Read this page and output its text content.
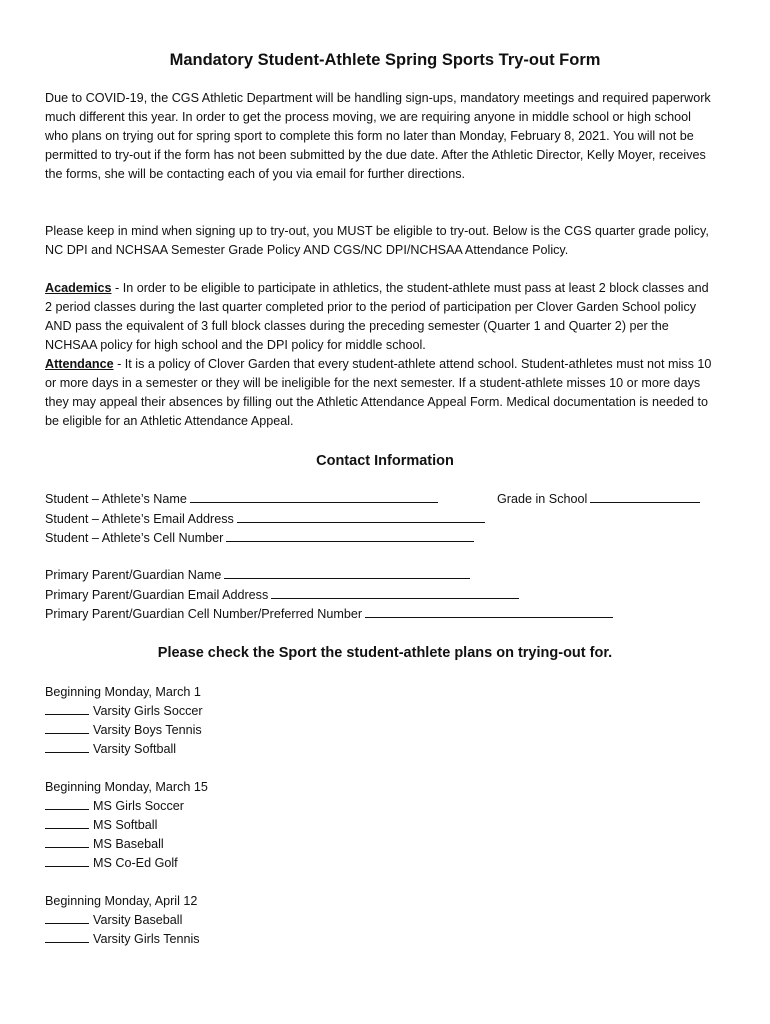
Mandatory Student-Athlete Spring Sports Try-out Form

Due to COVID-19, the CGS Athletic Department will be handling sign-ups, mandatory meetings and required paperwork much different this year. In order to get the process moving, we are requiring anyone in middle school or high school who plans on trying out for spring sport to complete this form no later than Monday, February 8, 2021. You will not be permitted to try-out if the form has not been submitted by the due date. After the Athletic Director, Kelly Moyer, receives the forms, she will be contacting each of you via email for further directions.

Please keep in mind when signing up to try-out, you MUST be eligible to try-out. Below is the CGS quarter grade policy, NC DPI and NCHSAA Semester Grade Policy AND CGS/NC DPI/NCHSAA Attendance Policy.

Academics - In order to be eligible to participate in athletics, the student-athlete must pass at least 2 block classes and 2 period classes during the last quarter completed prior to the period of participation per Clover Garden School policy AND pass the equivalent of 3 full block classes during the preceding semester (Quarter 1 and Quarter 2) per the NCHSAA policy for high school and the DPI policy for middle school.

Attendance - It is a policy of Clover Garden that every student-athlete attend school. Student-athletes must not miss 10 or more days in a semester or they will be ineligible for the next semester. If a student-athlete misses 10 or more days they may appeal their absences by filling out the Athletic Attendance Appeal Form. Medical documentation is needed to be eligible for an Athletic Attendance Appeal.

Contact Information
Student – Athlete’s Name	Grade in School
Student – Athlete’s Email Address
Student – Athlete’s Cell Number
Primary Parent/Guardian Name
Primary Parent/Guardian Email Address
Primary Parent/Guardian Cell Number/Preferred Number
Please check the Sport the student-athlete plans on trying-out for.
Beginning Monday, March 1
Varsity Girls Soccer
Varsity Boys Tennis
Varsity Softball
Beginning Monday, March 15
MS Girls Soccer
MS Softball
MS Baseball
MS Co-Ed Golf
Beginning Monday, April 12
Varsity Baseball
Varsity Girls Tennis
